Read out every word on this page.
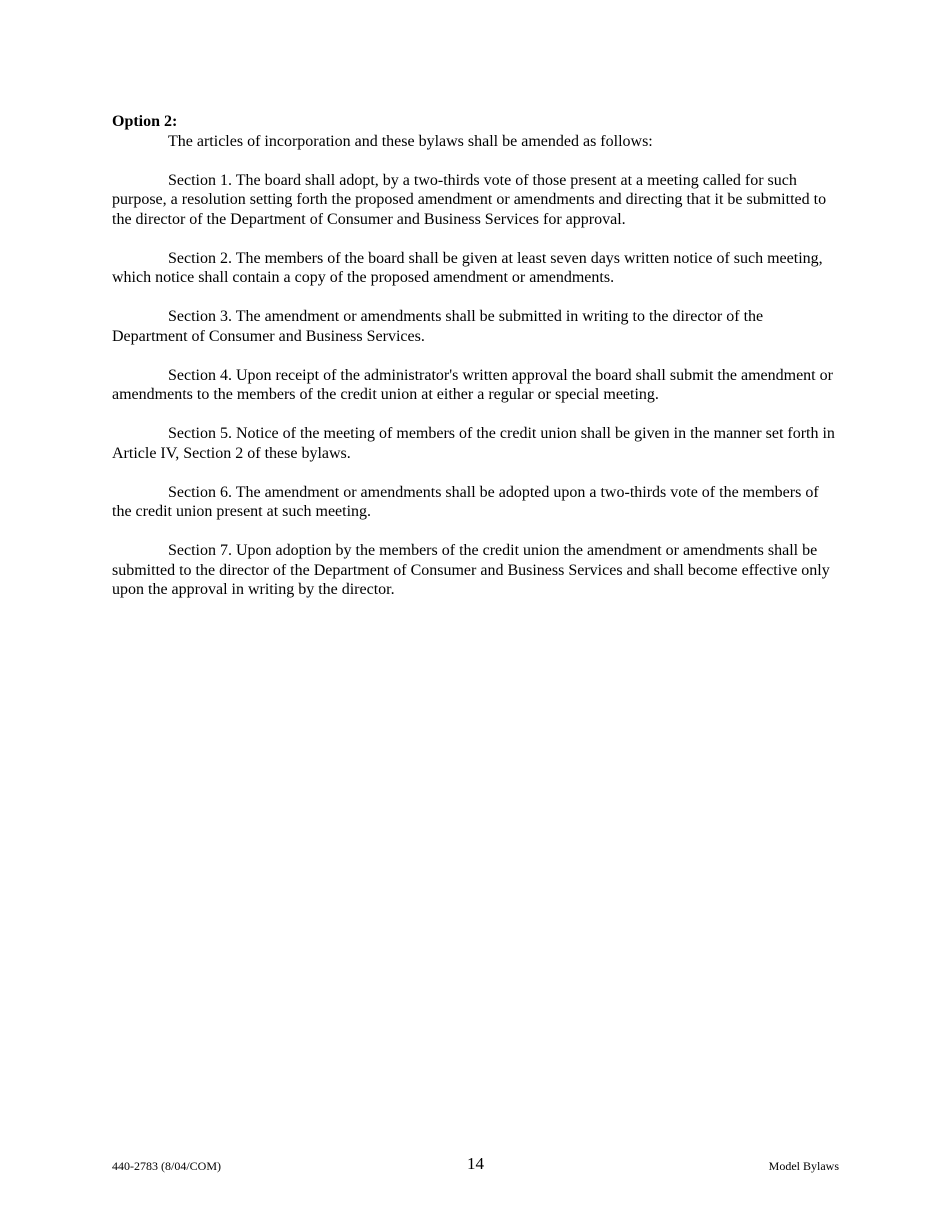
Option 2:

The articles of incorporation and these bylaws shall be amended as follows:

Section 1. The board shall adopt, by a two-thirds vote of those present at a meeting called for such purpose, a resolution setting forth the proposed amendment or amendments and directing that it be submitted to the director of the Department of Consumer and Business Services for approval.

Section 2. The members of the board shall be given at least seven days written notice of such meeting, which notice shall contain a copy of the proposed amendment or amendments.

Section 3. The amendment or amendments shall be submitted in writing to the director of the Department of Consumer and Business Services.

Section 4. Upon receipt of the administrator's written approval the board shall submit the amendment or amendments to the members of the credit union at either a regular or special meeting.

Section 5. Notice of the meeting of members of the credit union shall be given in the manner set forth in Article IV, Section 2 of these bylaws.

Section 6. The amendment or amendments shall be adopted upon a two-thirds vote of the members of the credit union present at such meeting.

Section 7. Upon adoption by the members of the credit union the amendment or amendments shall be submitted to the director of the Department of Consumer and Business Services and shall become effective only upon the approval in writing by the director.

440-2783 (8/04/COM)	14	Model Bylaws
